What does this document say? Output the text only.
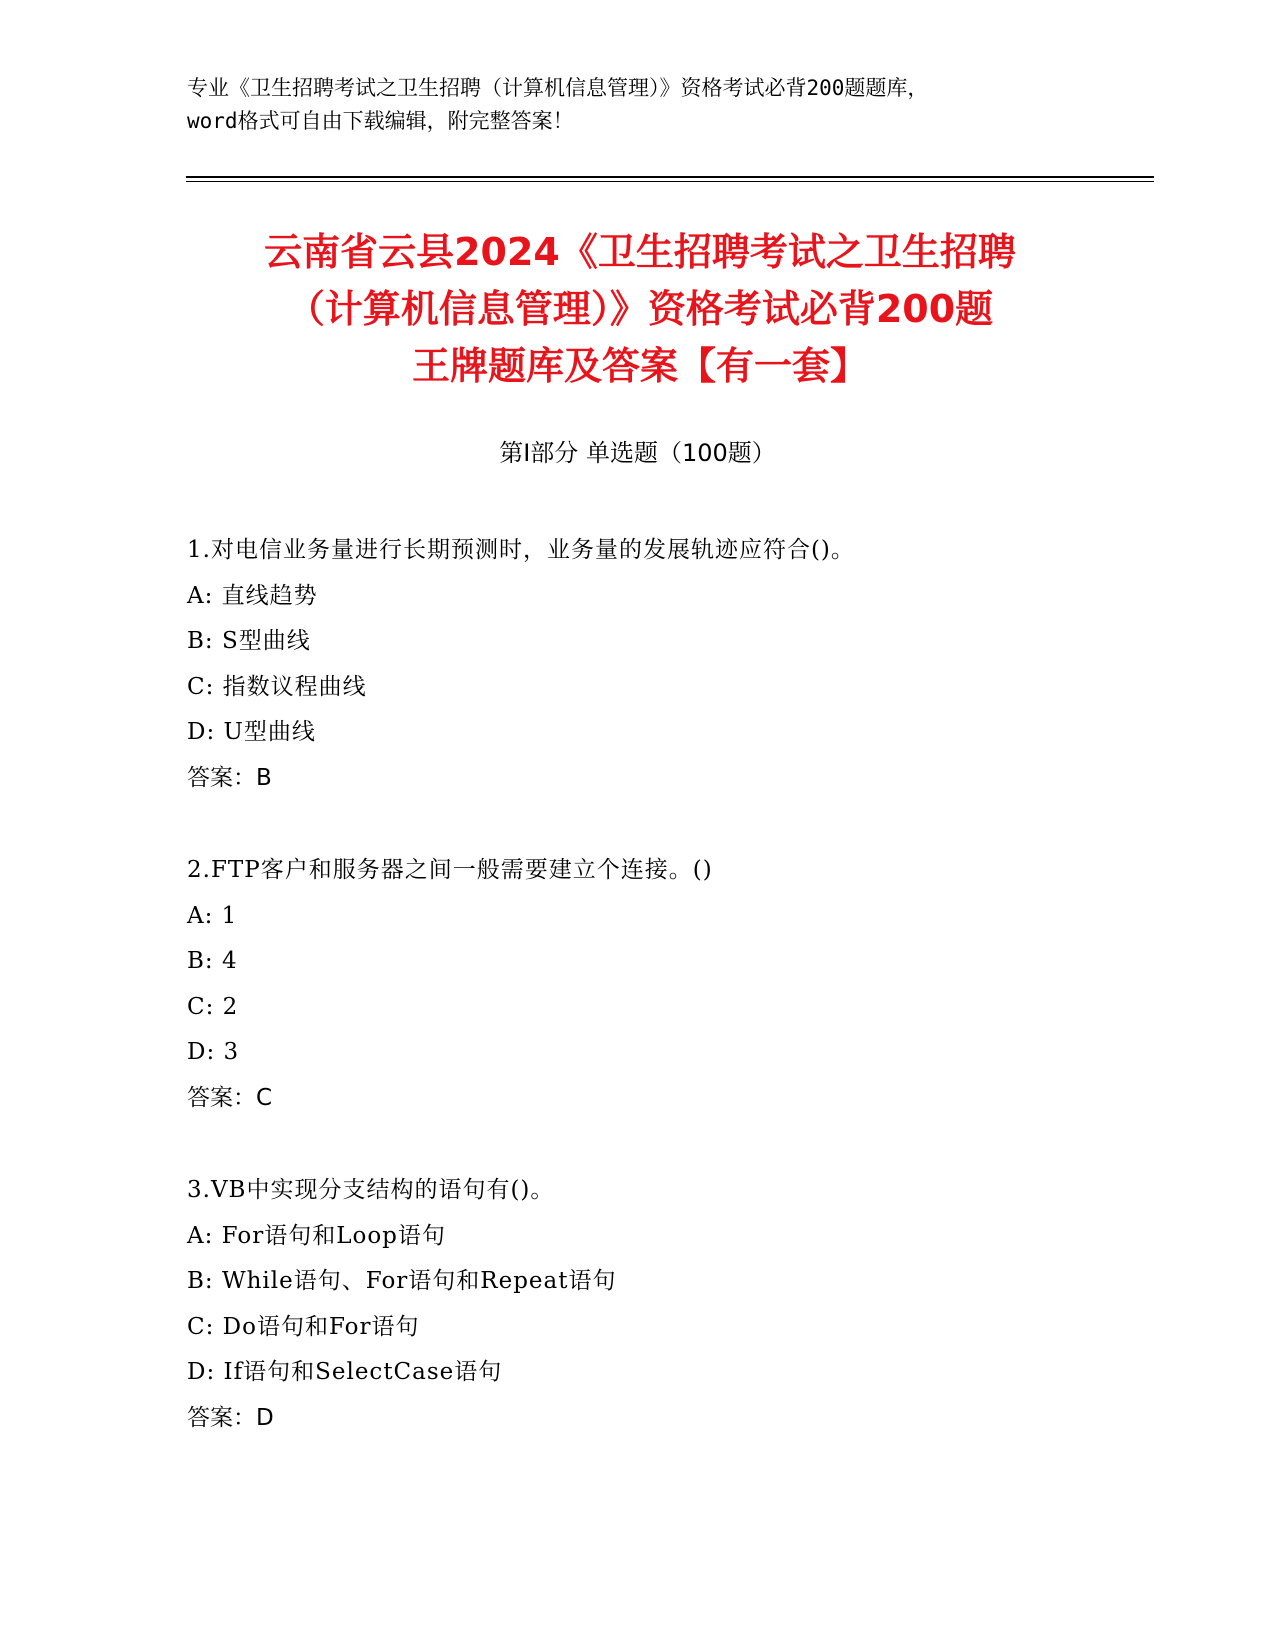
专业《卫生招聘考试之卫生招聘（计算机信息管理）》资格考试必背200题题库，
word格式可自由下载编辑，附完整答案！
云南省云县2024《卫生招聘考试之卫生招聘
（计算机信息管理）》资格考试必背200题
王牌题库及答案【有一套】
第Ⅰ部分 单选题（100题）
1.对电信业务量进行长期预测时，业务量的发展轨迹应符合()。
A: 直线趋势
B: S型曲线
C: 指数议程曲线
D: U型曲线
答案：B
2.FTP客户和服务器之间一般需要建立个连接。()
A: 1
B: 4
C: 2
D: 3
答案：C
3.VB中实现分支结构的语句有()。
A: For语句和Loop语句
B: While语句、For语句和Repeat语句
C: Do语句和For语句
D: If语句和SelectCase语句
答案：D
